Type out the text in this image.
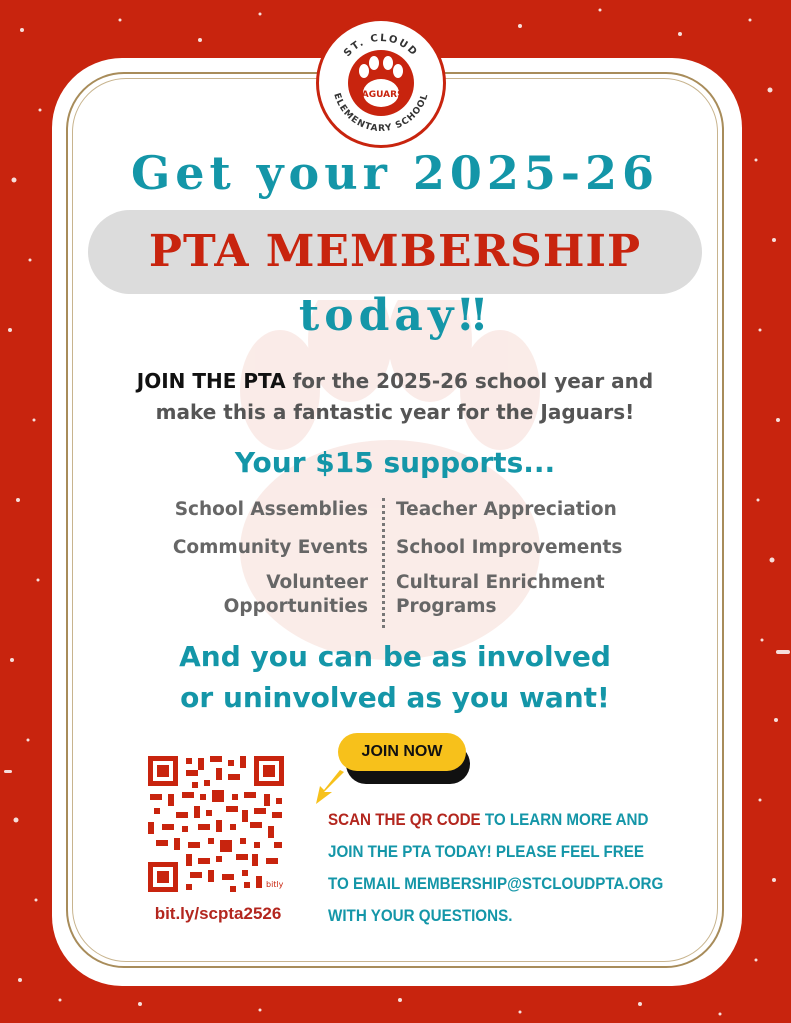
ST. CLOUD
ELEMENTARY SCHOOL
JAGUARS
Get your 2025-26
PTA MEMBERSHIP
today‼
JOIN THE PTA for the 2025-26 school year and
make this a fantastic year for the Jaguars!
Your $15 supports...
School Assemblies
Community Events
Volunteer
Opportunities
Teacher Appreciation
School Improvements
Cultural Enrichment
Programs
And you can be as involved
or uninvolved as you want!
bitly
bit.ly/scpta2526
JOIN NOW
SCAN THE QR CODE TO LEARN MORE AND
JOIN THE PTA TODAY! PLEASE FEEL FREE
TO EMAIL MEMBERSHIP@STCLOUDPTA.ORG
WITH YOUR QUESTIONS.
